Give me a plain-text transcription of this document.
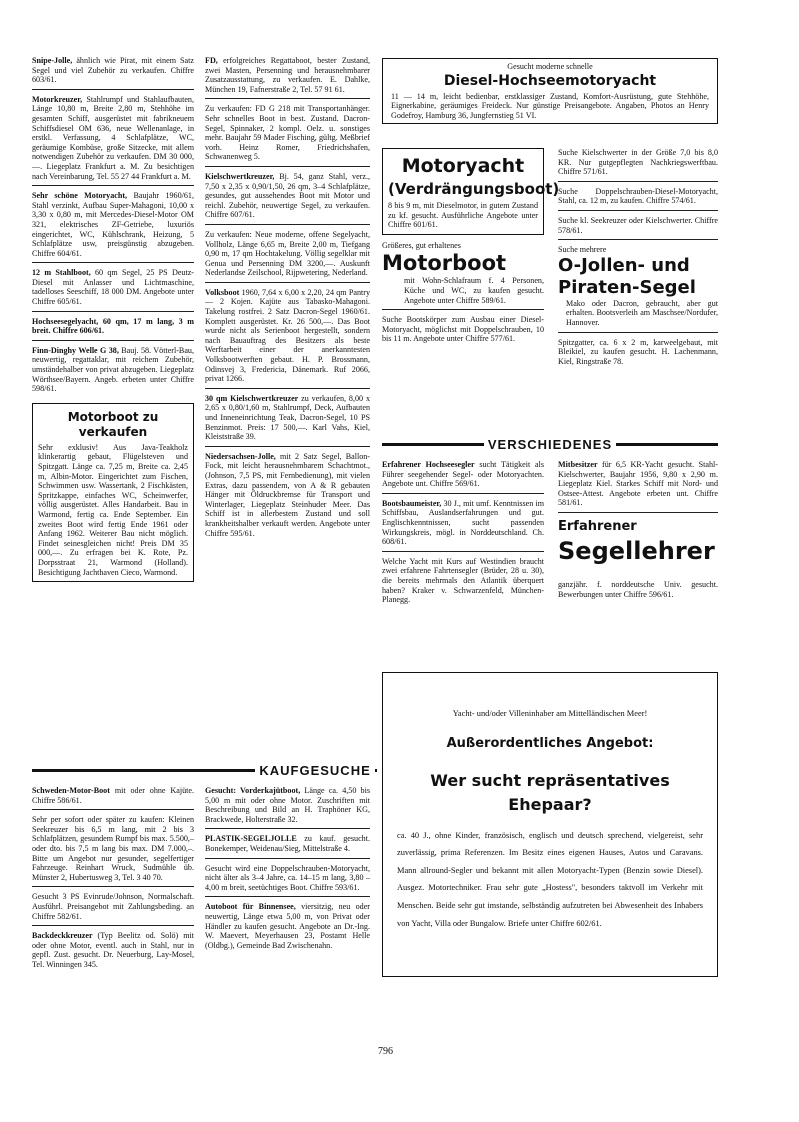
Snipe-Jolle, ähnlich wie Pirat, mit einem Satz Segel und viel Zubehör zu verkaufen. Chiffre 603/61.
Motorkreuzer, Stahlrumpf und Stahlaufbauten, Länge 10,80 m, Breite 2,80 m, Stehhöhe im gesamten Schiff, ausgerüstet mit fabrikneuem Schiffsdiesel OM 636, neue Wellenanlage, in erstkl. Verfassung, 4 Schlafplätze, WC, geräumige Kombüse, große Sitzecke, mit allem notwendigen Zubehör zu verkaufen. DM 30 000,—. Liegeplatz Frankfurt a. M. Zu besichtigen nach Vereinbarung, Tel. 55 27 44 Frankfurt a. M.
Sehr schöne Motoryacht, Baujahr 1960/61, Stahl verzinkt, Aufbau Super-Mahagoni, 10,00 x 3,30 x 0,80 m, mit Mercedes-Diesel-Motor OM 321, elektrisches ZF-Getriebe, luxuriös eingerichtet, WC, Kühlschrank, Heizung, 5 Schlafplätze usw, preisgünstig abzugeben. Chiffre 604/61.
12 m Stahlboot, 60 qm Segel, 25 PS Deutz-Diesel mit Anlasser und Lichtmaschine, tadelloses Seeschiff, 18 000 DM. Angebote unter Chiffre 605/61.
Hochseesegelyacht, 60 qm, 17 m lang, 3 m breit. Chiffre 606/61.
Finn-Dinghy Welle G 38, Bauj. 58. Vötterl-Bau, neuwertig, regattaklar, mit reichem Zubehör, umständehalber von privat abzugeben. Liegeplatz Wörthsee/Bayern. Angeb. erbeten unter Chiffre 598/61.
Motorboot zu verkaufen
Sehr exklusiv! Aus Java-Teakholz klinkerartig gebaut, Flügelsteven und Spitzgatt. Länge ca. 7,25 m, Breite ca. 2,45 m, Albin-Motor. Eingerichtet zum Fischen, Schwimmen usw. Wassertank, 2 Fischkästen, Spritzkappe, einfaches WC, Scheinwerfer, völlig ausgerüstet. Alles Handarbeit. Bau in Warmond, fertig ca. Ende September. Ein zweites Boot wird fertig Ende 1961 oder Anfang 1962. Weiterer Bau nicht möglich. Findet seinesgleichen nicht! Preis DM 35 000,—. Zu erfragen bei K. Rote, Pz. Dorpsstraat 21, Warmond (Holland). Besichtigung Jachthaven Cieco, Warmond.
KAUFGESUCHE
Schweden-Motor-Boot mit oder ohne Kajüte. Chiffre 586/61.
Sehr per sofort oder später zu kaufen: Kleinen Seekreuzer bis 6,5 m lang, mit 2 bis 3 Schlafplätzen, gesundem Rumpf bis max. 5.500,– oder dto. bis 7,5 m lang bis max. DM 7.000,–. Bitte um Angebot nur gesunder, segelfertiger Fahrzeuge. Reinhart Wruck, Sudmühle üb. Münster 2, Hubertusweg 3, Tel. 3 40 70.
Gesucht 3 PS Evinrude/Johnson, Normalschaft. Ausführl. Preisangebot mit Zahlungsbeding. an Chiffre 582/61.
Backdeckkreuzer (Typ Beelitz od. Solö) mit oder ohne Motor, eventl. auch in Stahl, nur in gepfl. Zust. gesucht. Dr. Neuerburg, Lay-Mosel, Tel. Winningen 345.
FD, erfolgreiches Regattaboot, bester Zustand, zwei Masten, Persenning und herausnehmbarer Zusatzausstattung, zu verkaufen. E. Dahlke, München 19, Fafnerstraße 2, Tel. 57 91 61.
Zu verkaufen: FD G 218 mit Transportanhänger. Sehr schnelles Boot in best. Zustand. Dacron-Segel, Spinnaker, 2 kompl. Oelz. u. sonstiges mehr. Baujahr 59 Mader Fisching, gültg. Meßbrief vorh. Heinz Romer, Friedrichshafen, Schwanenweg 5.
Kielschwertkreuzer, Bj. 54, ganz Stahl, verz., 7,50 x 2,35 x 0,90/1,50, 26 qm, 3–4 Schlafplätze, gesundes, gut aussehendes Boot mit Motor und reichl. Zubehör, neuwertige Segel, zu verkaufen. Chiffre 607/61.
Zu verkaufen: Neue moderne, offene Segelyacht, Vollholz, Länge 6,65 m, Breite 2,00 m, Tiefgang 0,90 m, 17 qm Hochtakelung. Völlig segelklar mit Genua und Persenning DM 3200,—. Auskunft Nederlandse Zeilschool, Rijpwetering, Nederland.
Volksboot 1960, 7,64 x 6,00 x 2,20, 24 qm Pantry — 2 Kojen. Kajüte aus Tabasko-Mahagoni. Takelung rostfrei. 2 Satz Dacron-Segel 1960/61. Komplett ausgerüstet. Kr. 26 500,—. Das Boot wurde nicht als Serienboot hergestellt, sondern nach Bauauftrag des Besitzers als beste Werftarbeit einer der anerkanntesten Volksbootwerften gebaut. H. P. Brossmann, Odinsvej 3, Fredericia, Dänemark. Ruf 2066, privat 1266.
30 qm Kielschwertkreuzer zu verkaufen, 8,00 x 2,65 x 0,80/1,60 m, Stahlrumpf, Deck, Aufbauten und Inneneinrichtung Teak, Dacron-Segel, 10 PS Benzinmot. Preis: 17 500,—. Karl Vahs, Kiel, Kleiststraße 39.
Niedersachsen-Jolle, mit 2 Satz Segel, Ballon-Fock, mit leicht herausnehmbarem Schachtmot., (Johnson, 7,5 PS, mit Fernbedienung), mit vielen Extras, dazu passendem, von A & R gebauten Hänger mit Öldruckbremse für Transport und Winterlager, Liegeplatz Steinhuder Meer. Das Schiff ist in allerbestem Zustand und soll krankheitshalber verkauft werden. Angebote unter Chiffre 595/61.
Gesucht: Vorderkajütboot, Länge ca. 4,50 bis 5,00 m mit oder ohne Motor. Zuschriften mit Beschreibung und Bild an H. Traphöner KG, Brackwede, Holterstraße 32.
PLASTIK-SEGELJOLLE zu kauf. gesucht. Bonekemper, Weidenau/Sieg, Mittelstraße 4.
Gesucht wird eine Doppelschrauben-Motoryacht, nicht älter als 3–4 Jahre, ca. 14–15 m lang, 3,80 – 4,00 m breit, seetüchtiges Boot. Chiffre 593/61.
Autoboot für Binnensee, viersitzig, neu oder neuwertig, Länge etwa 5,00 m, von Privat oder Händler zu kaufen gesucht. Angebote an Dr.-Ing. W. Maevert, Meyerhausen 23, Postamt Helle (Oldbg.), Gemeinde Bad Zwischenahn.
Gesucht moderne schnelle
Diesel-Hochseemotoryacht
11 — 14 m, leicht bedienbar, erstklassiger Zustand, Komfort-Ausrüstung, gute Stehhöhe, Eignerkabine, geräumiges Freideck. Nur günstige Preisangebote. Angaben, Photos an Henry Godefroy, Hamburg 36, Jungfernstieg 51 VI.
Motoryacht
(Verdrängungsboot)
8 bis 9 m, mit Dieselmotor, in gutem Zustand zu kf. gesucht. Ausführliche Angebote unter Chiffre 601/61.
Größeres, gut erhaltenes
Motorboot
mit Wohn-Schlafraum f. 4 Personen, Küche und WC, zu kaufen gesucht. Angebote unter Chiffre 589/61.
Suche Bootskörper zum Ausbau einer Diesel-Motoryacht, möglichst mit Doppelschrauben, 10 bis 11 m. Angebote unter Chiffre 577/61.
Suche Kielschwerter in der Größe 7,0 bis 8,0 KR. Nur gutgepflegten Nachkriegswerftbau. Chiffre 571/61.
Suche Doppelschrauben-Diesel-Motoryacht, Stahl, ca. 12 m, zu kaufen. Chiffre 574/61.
Suche kl. Seekreuzer oder Kielschwerter. Chiffre 578/61.
Suche mehrere
O-Jollen- und
Piraten-Segel
Mako oder Dacron, gebraucht, aber gut erhalten. Bootsverleih am Maschsee/Nordufer, Hannover.
Spitzgatter, ca. 6 x 2 m, karweelgebaut, mit Bleikiel, zu kaufen gesucht. H. Lachenmann, Kiel, Ringstraße 78.
VERSCHIEDENES
Erfahrener Hochseesegler sucht Tätigkeit als Führer seegehender Segel- oder Motoryachten. Angebote unt. Chiffre 569/61.
Bootsbaumeister, 30 J., mit umf. Kenntnissen im Schiffsbau, Auslandserfahrungen und gut. Englischkenntnissen, sucht passenden Wirkungskreis, mögl. in Norddeutschland. Ch. 608/61.
Welche Yacht mit Kurs auf Westindien braucht zwei erfahrene Fahrtensegler (Brüder, 28 u. 30), die bereits mehrmals den Atlantik überquert haben? Kraker v. Schwarzenfeld, München-Planegg.
Mitbesitzer für 6,5 KR-Yacht gesucht. Stahl-Kielschwerter, Baujahr 1956, 9,80 x 2,90 m. Liegeplatz Kiel. Starkes Schiff mit Nord- und Ostsee-Attest. Angebote erbeten unt. Chiffre 581/61.
Erfahrener
Segellehrer
ganzjähr. f. norddeutsche Univ. gesucht. Bewerbungen unter Chiffre 596/61.
Yacht- und/oder Villeninhaber am Mittelländischen Meer!
Außerordentliches Angebot:
Wer sucht repräsentatives Ehepaar?
ca. 40 J., ohne Kinder, französisch, englisch und deutsch sprechend, vielgereist, sehr zuverlässig, prima Referenzen. Im Besitz eines eigenen Hauses, Autos und Caravans. Mann allround-Segler und bekannt mit allen Motoryacht-Typen (Benzin sowie Diesel). Ausgez. Motortechniker. Frau sehr gute „Hostess", besonders taktvoll im Verkehr mit Menschen. Beide sehr gut imstande, selbständig aufzutreten bei Abwesenheit des Inhabers von Yacht, Villa oder Bungalow. Briefe unter Chiffre 602/61.
796
